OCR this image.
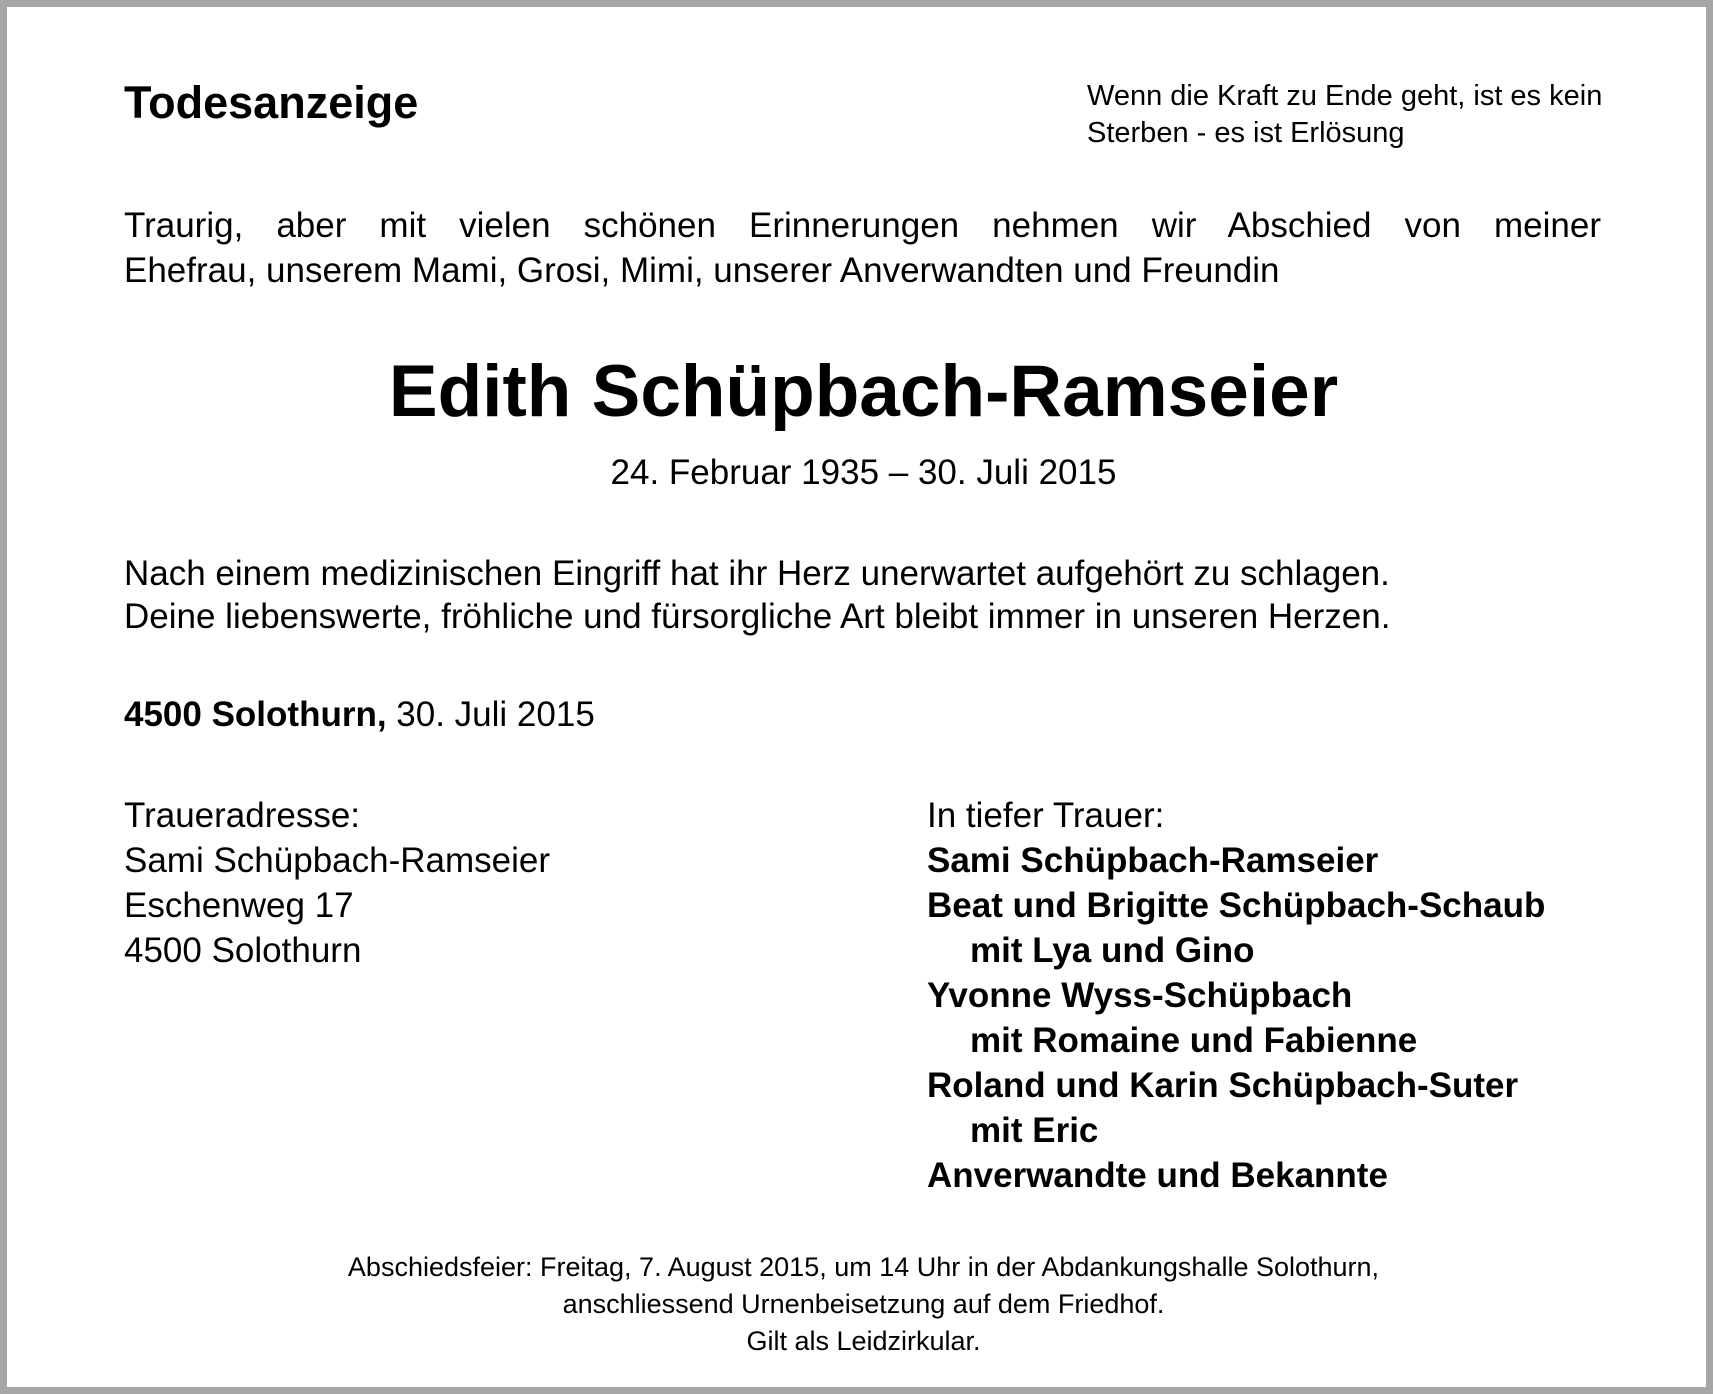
Todesanzeige	Wenn die Kraft zu Ende geht, ist es kein
Sterben - es ist Erlösung
Traurig, aber mit vielen schönen Erinnerungen nehmen wir Abschied von meiner
Ehefrau, unserem Mami, Grosi, Mimi, unserer Anverwandten und Freundin
Edith Schüpbach-Ramseier
24. Februar 1935 – 30. Juli 2015
Nach einem medizinischen Eingriff hat ihr Herz unerwartet aufgehört zu schlagen.
Deine liebenswerte, fröhliche und fürsorgliche Art bleibt immer in unseren Herzen.
4500 Solothurn, 30. Juli 2015
Traueradresse:
Sami Schüpbach-Ramseier
Eschenweg 17
4500 Solothurn
In tiefer Trauer:
Sami Schüpbach-Ramseier
Beat und Brigitte Schüpbach-Schaub
mit Lya und Gino
Yvonne Wyss-Schüpbach
mit Romaine und Fabienne
Roland und Karin Schüpbach-Suter
mit Eric
Anverwandte und Bekannte
Abschiedsfeier: Freitag, 7. August 2015, um 14 Uhr in der Abdankungshalle Solothurn,
anschliessend Urnenbeisetzung auf dem Friedhof.
Gilt als Leidzirkular.
